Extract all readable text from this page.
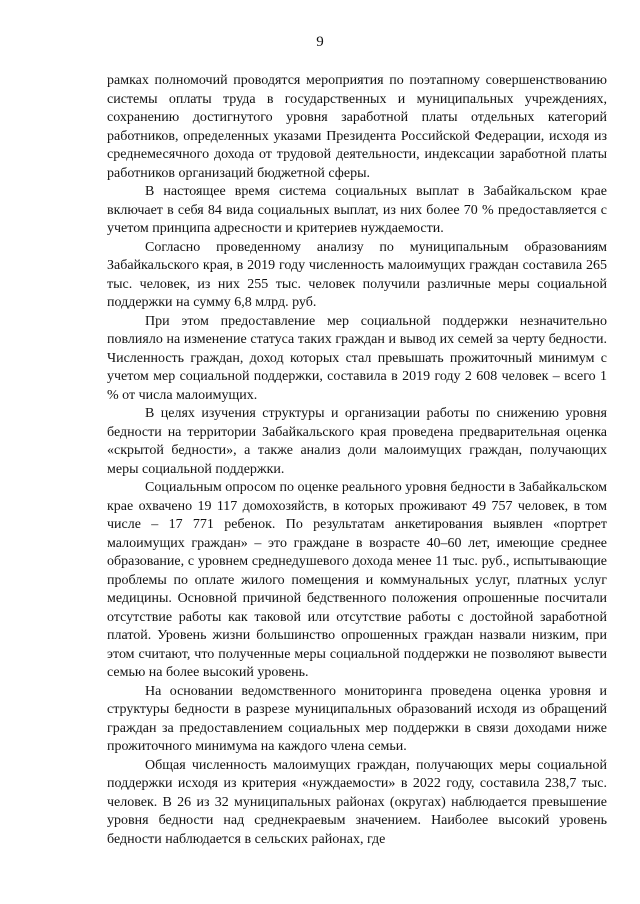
9

рамках полномочий проводятся мероприятия по поэтапному совершенствованию системы оплаты труда в государственных и муниципальных учреждениях, сохранению достигнутого уровня заработной платы отдельных категорий работников, определенных указами Президента Российской Федерации, исходя из среднемесячного дохода от трудовой деятельности, индексации заработной платы работников организаций бюджетной сферы.

В настоящее время система социальных выплат в Забайкальском крае включает в себя 84 вида социальных выплат, из них более 70 % предоставляется с учетом принципа адресности и критериев нуждаемости.

Согласно проведенному анализу по муниципальным образованиям Забайкальского края, в 2019 году численность малоимущих граждан составила 265 тыс. человек, из них 255 тыс. человек получили различные меры социальной поддержки на сумму 6,8 млрд. руб.

При этом предоставление мер социальной поддержки незначительно повлияло на изменение статуса таких граждан и вывод их семей за черту бедности. Численность граждан, доход которых стал превышать прожиточный минимум с учетом мер социальной поддержки, составила в 2019 году 2 608 человек – всего 1 % от числа малоимущих.

В целях изучения структуры и организации работы по снижению уровня бедности на территории Забайкальского края проведена предварительная оценка «скрытой бедности», а также анализ доли малоимущих граждан, получающих меры социальной поддержки.

Социальным опросом по оценке реального уровня бедности в Забайкальском крае охвачено 19 117 домохозяйств, в которых проживают 49 757 человек, в том числе – 17 771 ребенок. По результатам анкетирования выявлен «портрет малоимущих граждан» – это граждане в возрасте 40–60 лет, имеющие среднее образование, с уровнем среднедушевого дохода менее 11 тыс. руб., испытывающие проблемы по оплате жилого помещения и коммунальных услуг, платных услуг медицины. Основной причиной бедственного положения опрошенные посчитали отсутствие работы как таковой или отсутствие работы с достойной заработной платой. Уровень жизни большинство опрошенных граждан назвали низким, при этом считают, что полученные меры социальной поддержки не позволяют вывести семью на более высокий уровень.

На основании ведомственного мониторинга проведена оценка уровня и структуры бедности в разрезе муниципальных образований исходя из обращений граждан за предоставлением социальных мер поддержки в связи доходами ниже прожиточного минимума на каждого члена семьи.

Общая численность малоимущих граждан, получающих меры социальной поддержки исходя из критерия «нуждаемости» в 2022 году, составила 238,7 тыс. человек. В 26 из 32 муниципальных районах (округах) наблюдается превышение уровня бедности над среднекраевым значением. Наиболее высокий уровень бедности наблюдается в сельских районах, где
